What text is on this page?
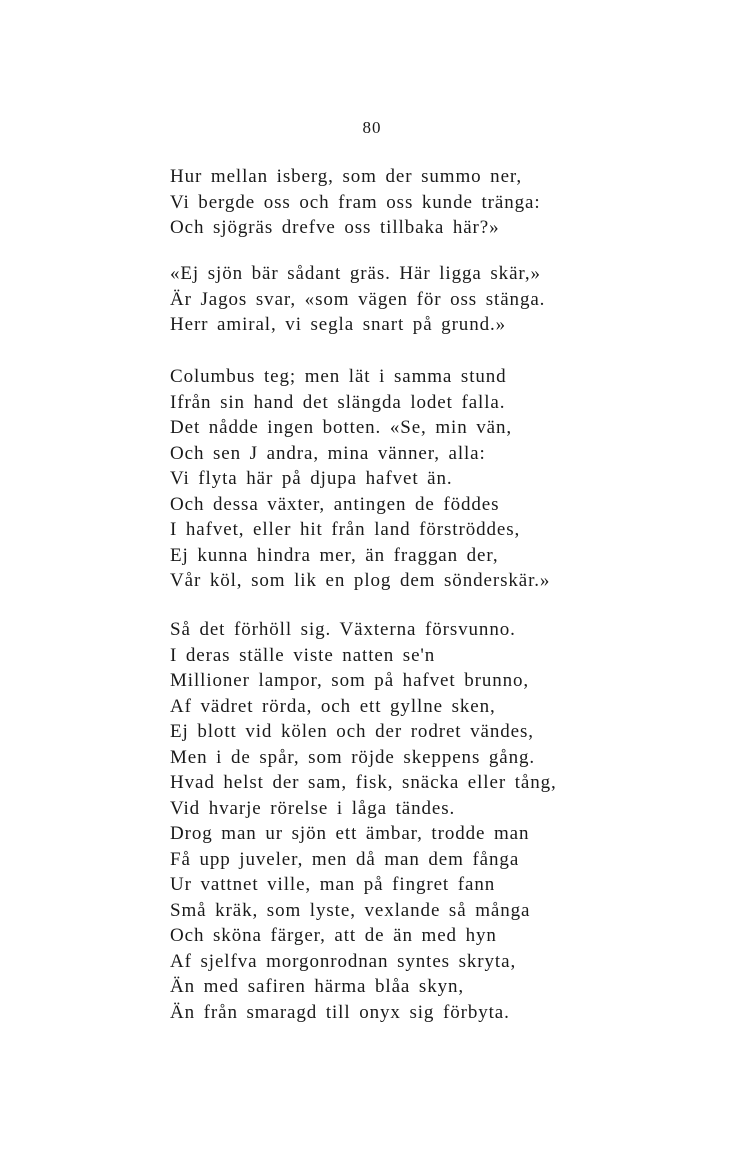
80
Hur mellan isberg, som der summo ner,
Vi bergde oss och fram oss kunde tränga:
Och sjögräs drefve oss tillbaka här?»
«Ej sjön bär sådant gräs. Här ligga skär,»
Är Jagos svar, «som vägen för oss stänga.
Herr amiral, vi segla snart på grund.»
Columbus teg; men lät i samma stund
Ifrån sin hand det slängda lodet falla.
Det nådde ingen botten. «Se, min vän,
Och sen J andra, mina vänner, alla:
Vi flyta här på djupa hafvet än.
Och dessa växter, antingen de föddes
I hafvet, eller hit från land förströddes,
Ej kunna hindra mer, än fraggan der,
Vår köl, som lik en plog dem sönderskär.»
Så det förhöll sig. Växterna försvunno.
I deras ställe viste natten se'n
Millioner lampor, som på hafvet brunno,
Af vädret rörda, och ett gyllne sken,
Ej blott vid kölen och der rodret vändes,
Men i de spår, som röjde skeppens gång.
Hvad helst der sam, fisk, snäcka eller tång,
Vid hvarje rörelse i låga tändes.
Drog man ur sjön ett ämbar, trodde man
Få upp juveler, men då man dem fånga
Ur vattnet ville, man på fingret fann
Små kräk, som lyste, vexlande så många
Och sköna färger, att de än med hyn
Af sjelfva morgonrodnan syntes skryta,
Än med safiren härma blåa skyn,
Än från smaragd till onyx sig förbyta.
